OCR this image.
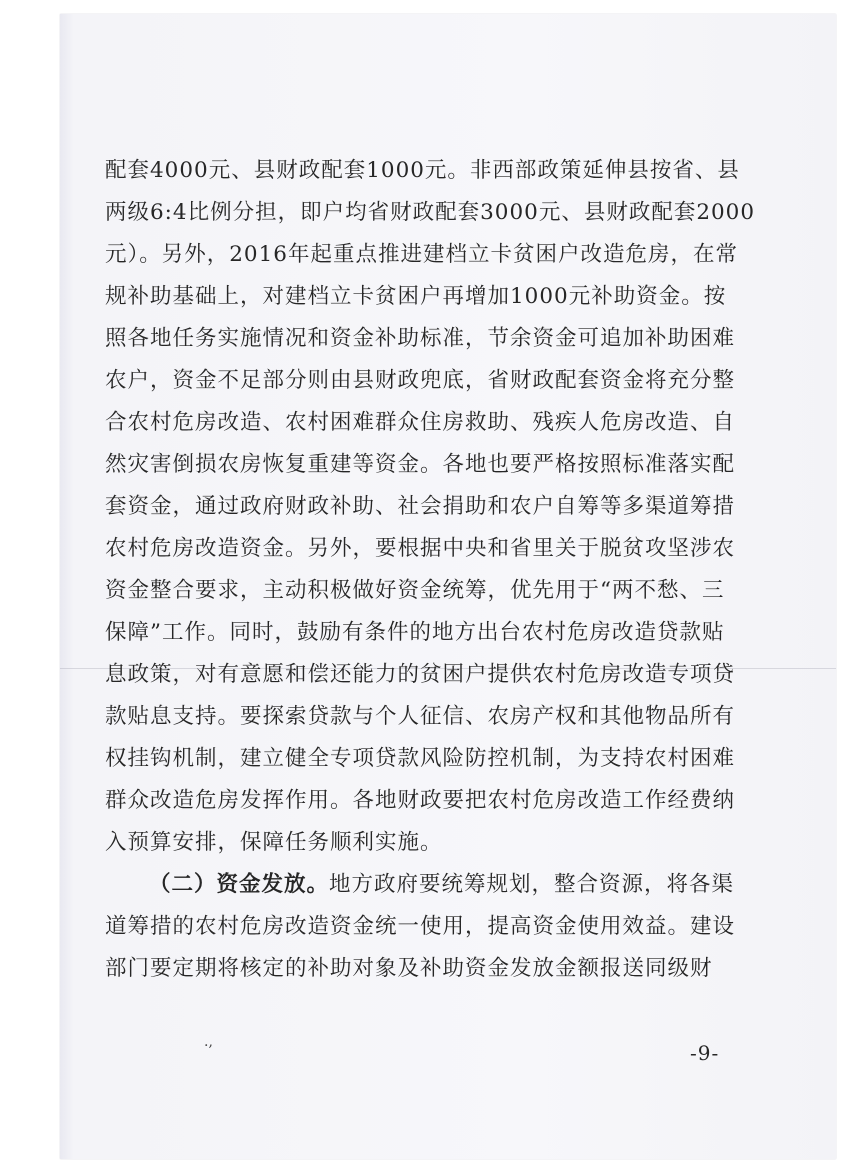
配套4000元、县财政配套1000元。非西部政策延伸县按省、县
两级6:4比例分担，即户均省财政配套3000元、县财政配套2000
元）。另外，2016年起重点推进建档立卡贫困户改造危房，在常
规补助基础上，对建档立卡贫困户再增加1000元补助资金。按
照各地任务实施情况和资金补助标准，节余资金可追加补助困难
农户，资金不足部分则由县财政兜底，省财政配套资金将充分整
合农村危房改造、农村困难群众住房救助、残疾人危房改造、自
然灾害倒损农房恢复重建等资金。各地也要严格按照标准落实配
套资金，通过政府财政补助、社会捐助和农户自筹等多渠道筹措
农村危房改造资金。另外，要根据中央和省里关于脱贫攻坚涉农
资金整合要求，主动积极做好资金统筹，优先用于“两不愁、三
保障”工作。同时，鼓励有条件的地方出台农村危房改造贷款贴
息政策，对有意愿和偿还能力的贫困户提供农村危房改造专项贷
款贴息支持。要探索贷款与个人征信、农房产权和其他物品所有
权挂钩机制，建立健全专项贷款风险防控机制，为支持农村困难
群众改造危房发挥作用。各地财政要把农村危房改造工作经费纳
入预算安排，保障任务顺利实施。
（二）资金发放。地方政府要统筹规划，整合资源，将各渠
道筹措的农村危房改造资金统一使用，提高资金使用效益。建设
部门要定期将核定的补助对象及补助资金发放金额报送同级财
-9-
